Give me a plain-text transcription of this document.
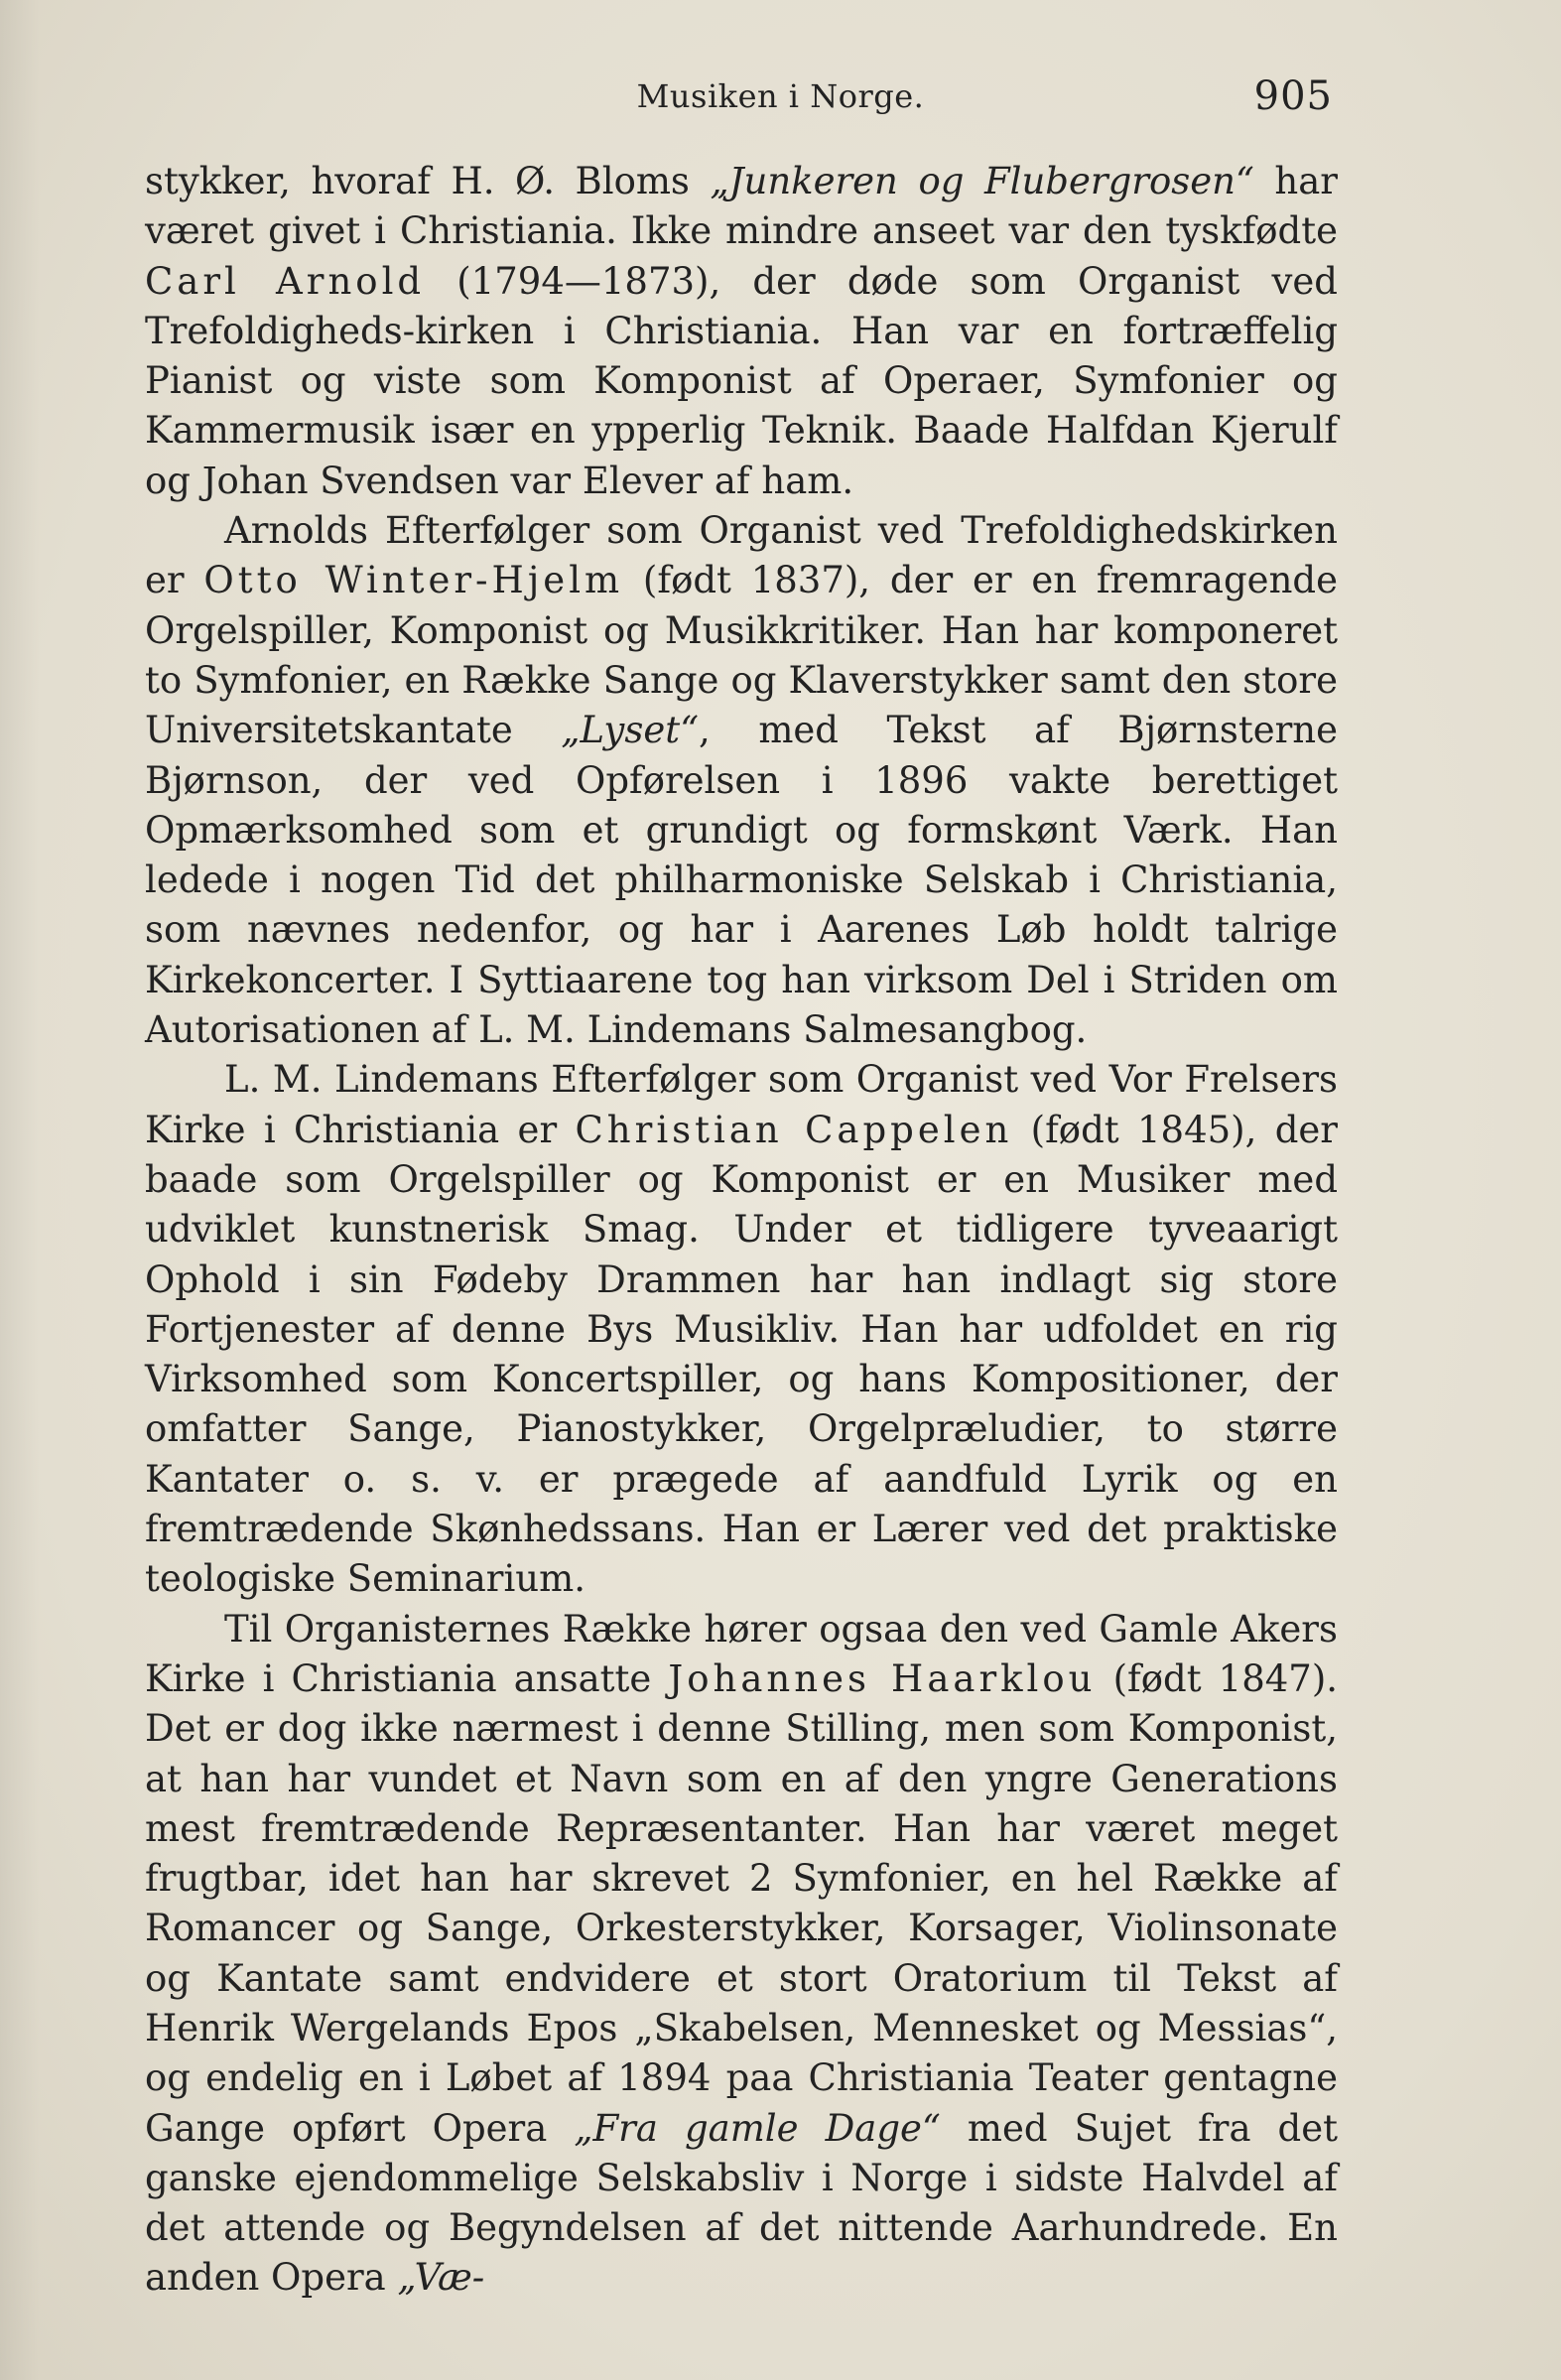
Musiken i Norge.	905

stykker, hvoraf H. Ø. Bloms „Junkeren og Flubergrosen“ har været givet i Christiania. Ikke mindre anseet var den tyskfødte Carl Arnold (1794—1873), der døde som Organist ved Trefoldigheds-kirken i Christiania. Han var en fortræffelig Pianist og viste som Komponist af Operaer, Symfonier og Kammermusik især en ypperlig Teknik. Baade Halfdan Kjerulf og Johan Svendsen var Elever af ham.

Arnolds Efterfølger som Organist ved Trefoldighedskirken er Otto Winter-Hjelm (født 1837), der er en fremragende Orgelspiller, Komponist og Musikkritiker. Han har komponeret to Symfonier, en Række Sange og Klaverstykker samt den store Universitetskantate „Lyset“, med Tekst af Bjørnsterne Bjørnson, der ved Opførelsen i 1896 vakte berettiget Opmærksomhed som et grundigt og formskønt Værk. Han ledede i nogen Tid det philharmoniske Selskab i Christiania, som nævnes nedenfor, og har i Aarenes Løb holdt talrige Kirkekoncerter. I Syttiaarene tog han virksom Del i Striden om Autorisationen af L. M. Lindemans Salmesangbog.

L. M. Lindemans Efterfølger som Organist ved Vor Frelsers Kirke i Christiania er Christian Cappelen (født 1845), der baade som Orgelspiller og Komponist er en Musiker med udviklet kunstnerisk Smag. Under et tidligere tyveaarigt Ophold i sin Fødeby Drammen har han indlagt sig store Fortjenester af denne Bys Musikliv. Han har udfoldet en rig Virksomhed som Koncertspiller, og hans Kompositioner, der omfatter Sange, Pianostykker, Orgelpræludier, to større Kantater o. s. v. er prægede af aandfuld Lyrik og en fremtrædende Skønhedssans. Han er Lærer ved det praktiske teologiske Seminarium.

Til Organisternes Række hører ogsaa den ved Gamle Akers Kirke i Christiania ansatte Johannes Haarklou (født 1847). Det er dog ikke nærmest i denne Stilling, men som Komponist, at han har vundet et Navn som en af den yngre Generations mest fremtrædende Repræsentanter. Han har været meget frugtbar, idet han har skrevet 2 Symfonier, en hel Række af Romancer og Sange, Orkesterstykker, Korsager, Violinsonate og Kantate samt endvidere et stort Oratorium til Tekst af Henrik Wergelands Epos „Skabelsen, Mennesket og Messias“, og endelig en i Løbet af 1894 paa Christiania Teater gentagne Gange opført Opera „Fra gamle Dage“ med Sujet fra det ganske ejendommelige Selskabsliv i Norge i sidste Halvdel af det attende og Begyndelsen af det nittende Aarhundrede. En anden Opera „Væ-
